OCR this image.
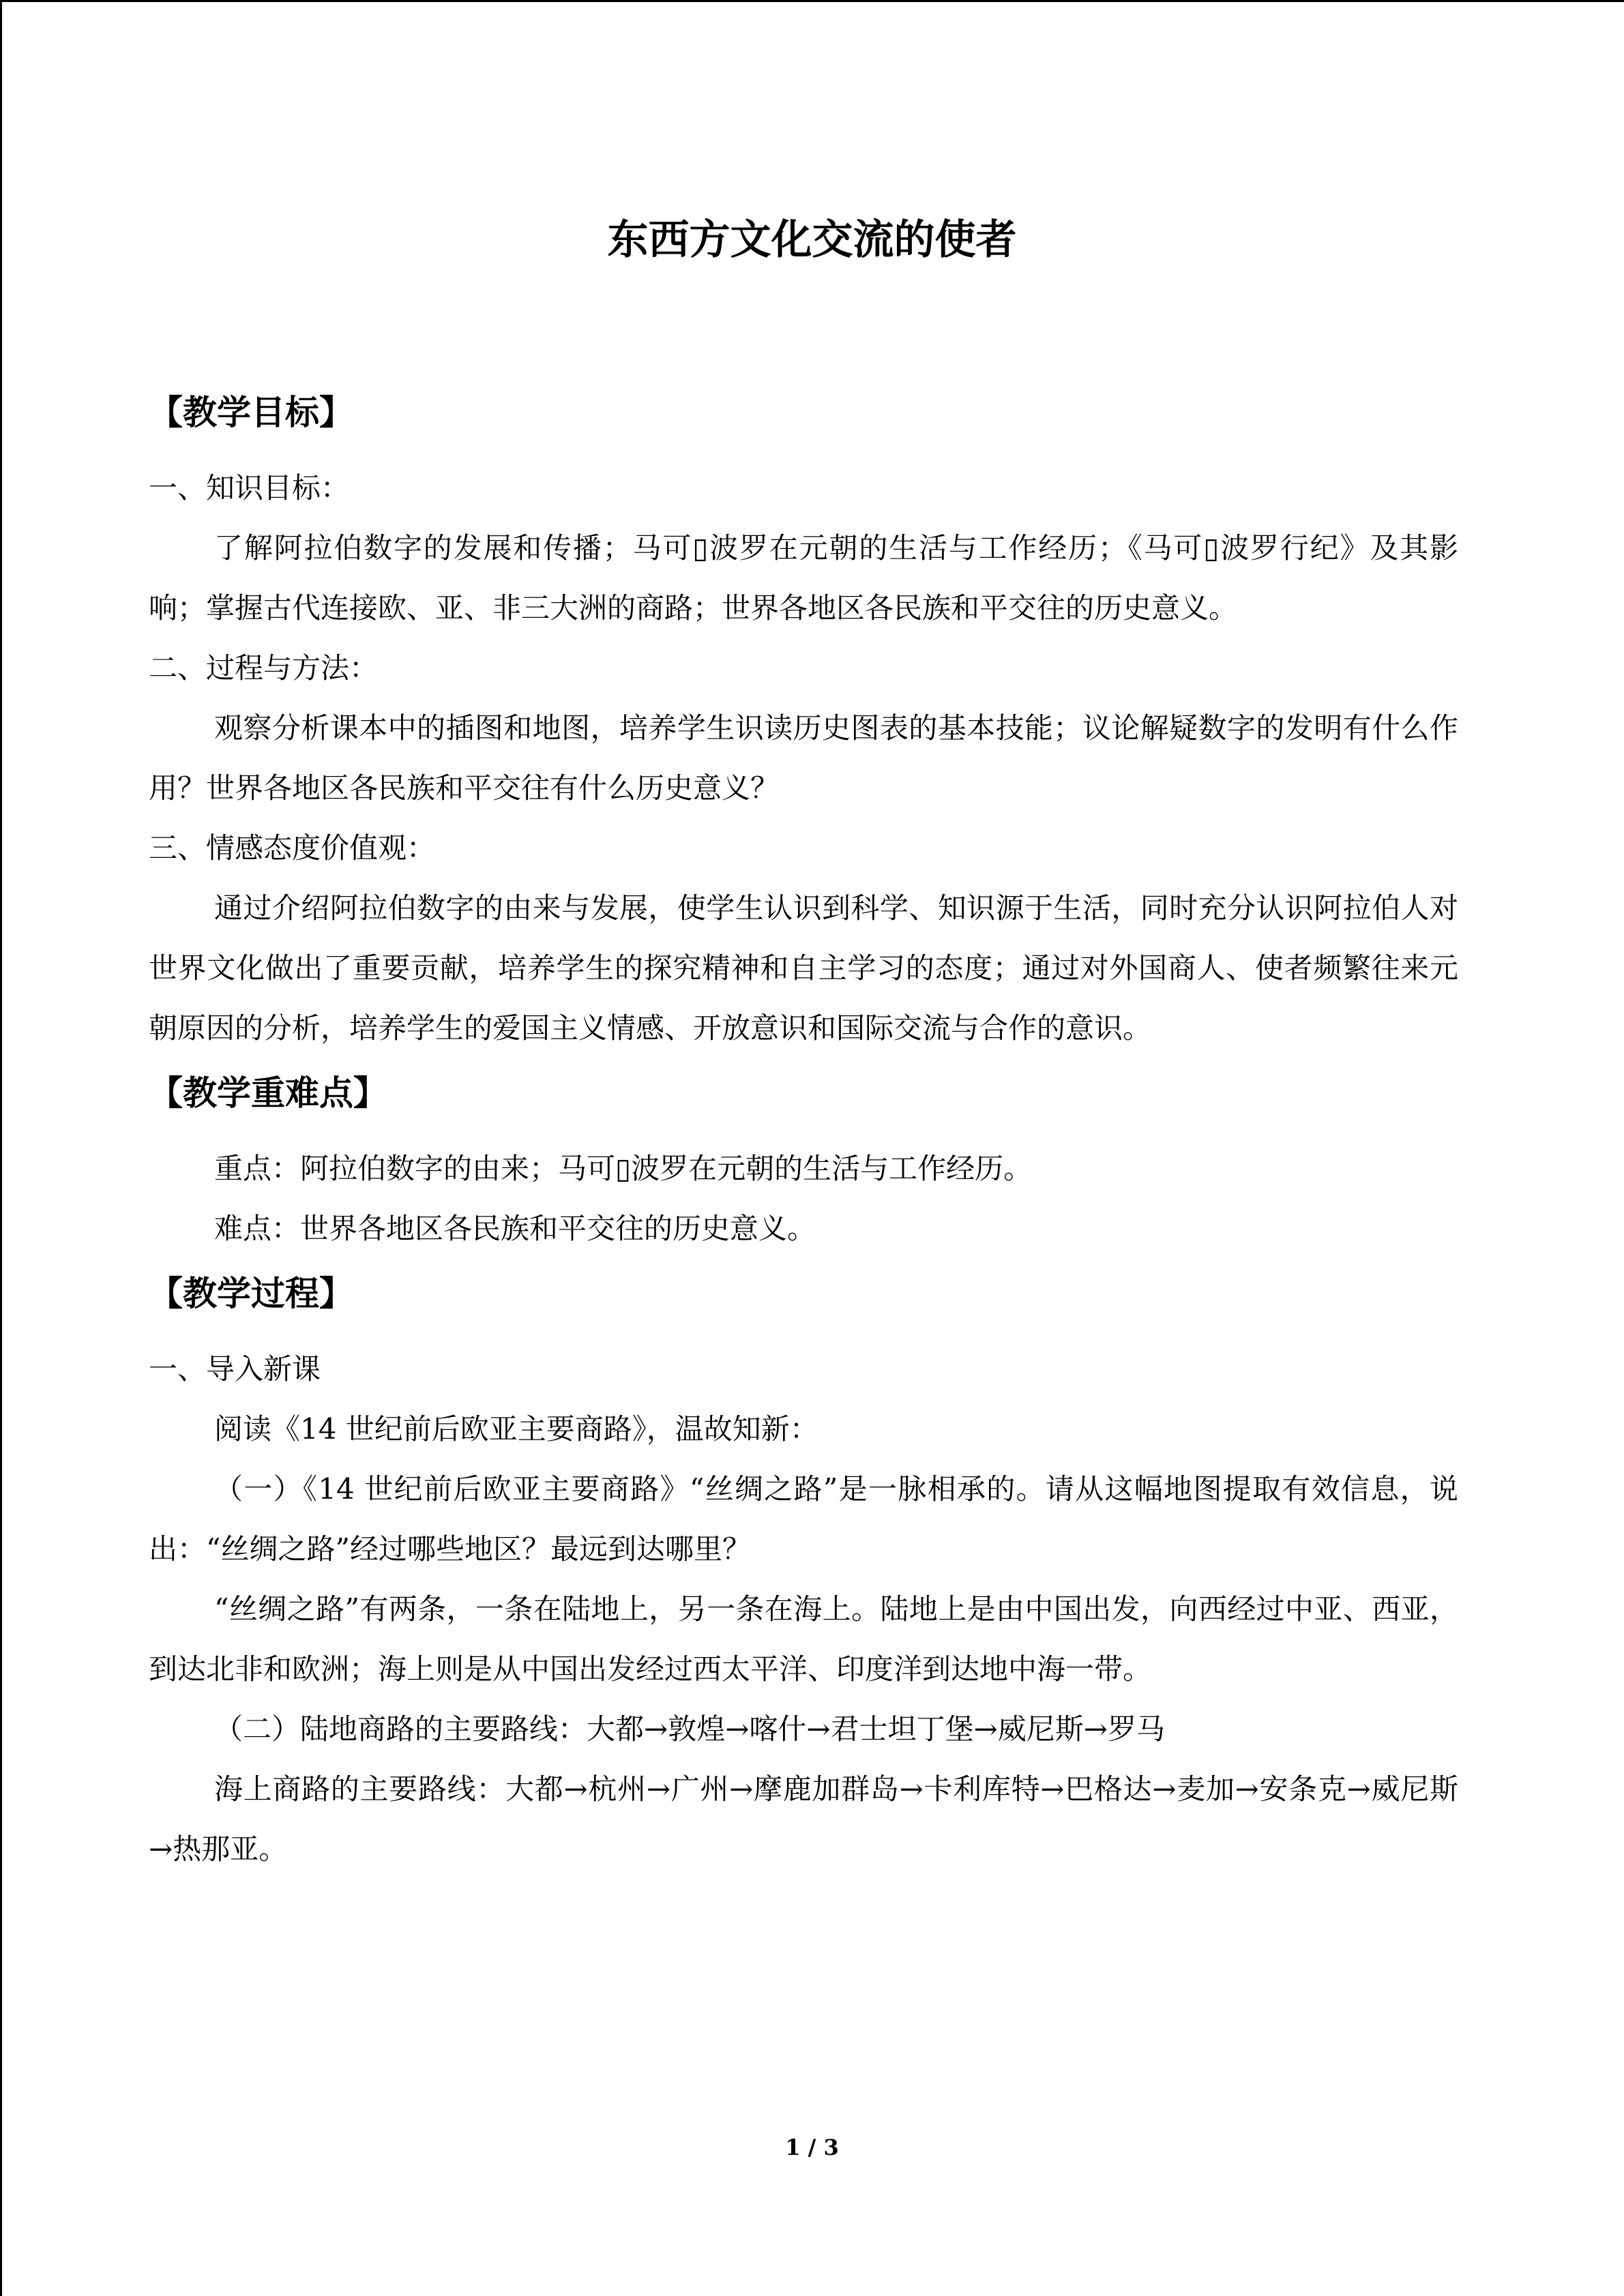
东西方文化交流的使者
【教学目标】

一、知识目标：

了解阿拉伯数字的发展和传播；马可▯波罗在元朝的生活与工作经历；《马可▯波罗行纪》及其影响；掌握古代连接欧、亚、非三大洲的商路；世界各地区各民族和平交往的历史意义。

二、过程与方法：

观察分析课本中的插图和地图，培养学生识读历史图表的基本技能；议论解疑数字的发明有什么作用？世界各地区各民族和平交往有什么历史意义？

三、情感态度价值观：

通过介绍阿拉伯数字的由来与发展，使学生认识到科学、知识源于生活，同时充分认识阿拉伯人对世界文化做出了重要贡献，培养学生的探究精神和自主学习的态度；通过对外国商人、使者频繁往来元朝原因的分析，培养学生的爱国主义情感、开放意识和国际交流与合作的意识。

【教学重难点】

重点：阿拉伯数字的由来；马可▯波罗在元朝的生活与工作经历。

难点：世界各地区各民族和平交往的历史意义。

【教学过程】

一、导入新课

阅读《14 世纪前后欧亚主要商路》，温故知新：

（一）《14 世纪前后欧亚主要商路》“丝绸之路”是一脉相承的。请从这幅地图提取有效信息，说出：“丝绸之路”经过哪些地区？最远到达哪里？

“丝绸之路”有两条，一条在陆地上，另一条在海上。陆地上是由中国出发，向西经过中亚、西亚，到达北非和欧洲；海上则是从中国出发经过西太平洋、印度洋到达地中海一带。

（二）陆地商路的主要路线：大都→敦煌→喀什→君士坦丁堡→威尼斯→罗马

海上商路的主要路线：大都→杭州→广州→摩鹿加群岛→卡利库特→巴格达→麦加→安条克→威尼斯→热那亚。

1 / 3
